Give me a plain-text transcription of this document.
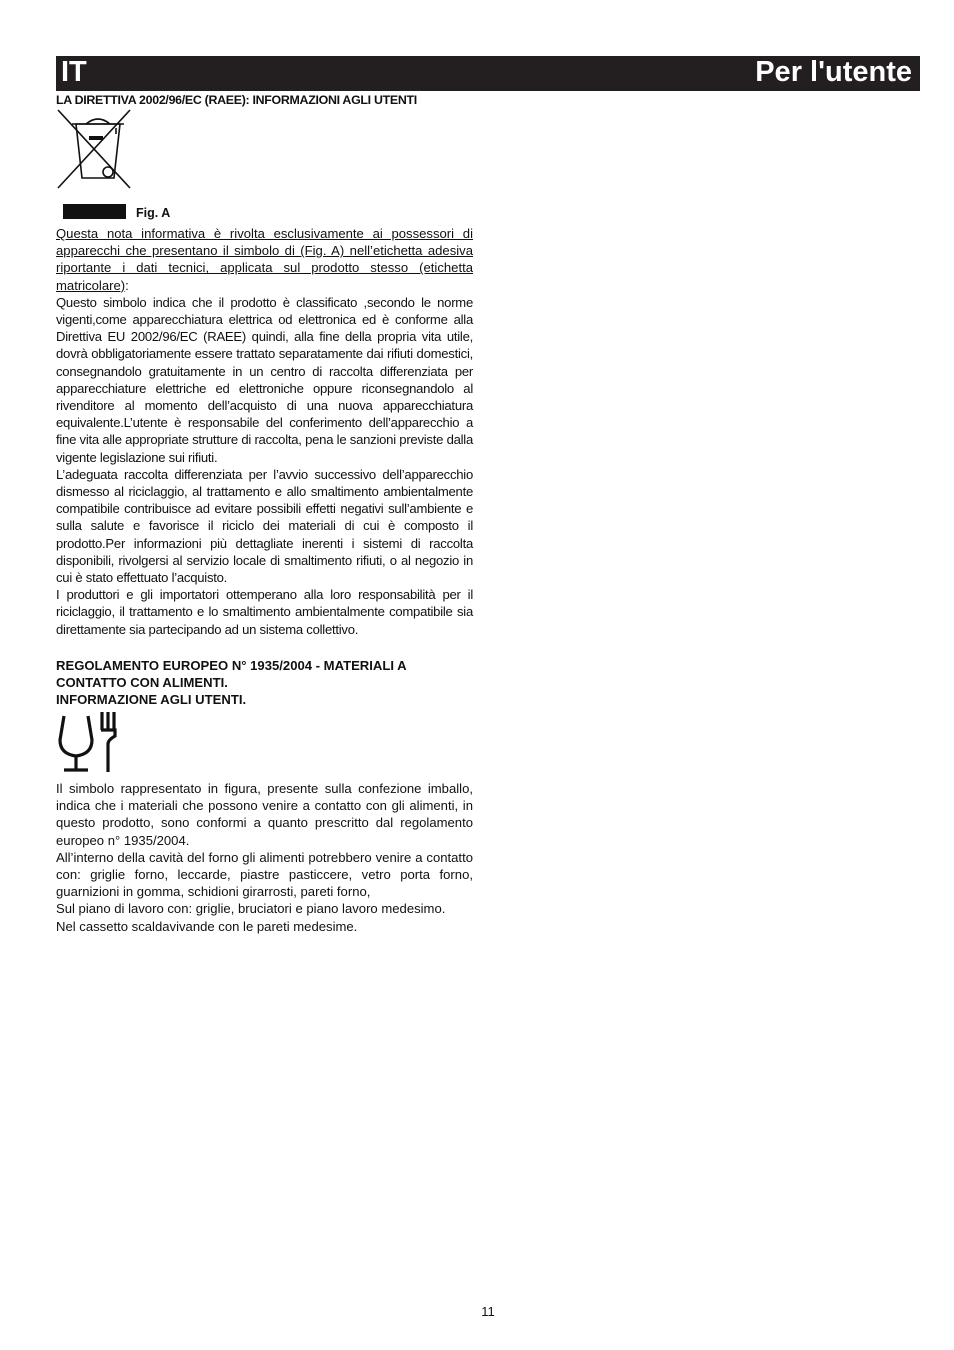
IT	Per l'utente
LA DIRETTIVA 2002/96/EC (RAEE): INFORMAZIONI AGLI UTENTI
Fig. A

Questa nota informativa è rivolta esclusivamente ai possessori di apparecchi che presentano il simbolo di (Fig. A) nell’etichetta adesiva riportante i dati tecnici, applicata sul prodotto stesso (etichetta matricolare):

Questo simbolo indica che il prodotto è classificato ,secondo le norme vigenti,come apparecchiatura elettrica od elettronica ed è conforme alla Direttiva EU 2002/96/EC (RAEE) quindi, alla fine della propria vita utile, dovrà obbligatoriamente essere trattato separatamente dai rifiuti domestici, consegnandolo gratuitamente in un centro di raccolta differenziata per apparecchiature elettriche ed elettroniche oppure riconsegnandolo al rivenditore al momento dell’acquisto di una nuova apparecchiatura equivalente.L’utente è responsabile del conferimento dell’apparecchio a fine vita alle appropriate strutture di raccolta, pena le sanzioni previste dalla vigente legislazione sui rifiuti.

L’adeguata raccolta differenziata per l’avvio successivo dell’apparecchio dismesso al riciclaggio, al trattamento e allo smaltimento ambientalmente compatibile contribuisce ad evitare possibili effetti negativi sull’ambiente e sulla salute e favorisce il riciclo dei materiali di cui è composto il prodotto.Per informazioni più dettagliate inerenti i sistemi di raccolta disponibili, rivolgersi al servizio locale di smaltimento rifiuti, o al negozio in cui è stato effettuato l’acquisto.

I produttori e gli importatori ottemperano alla loro responsabilità per il riciclaggio, il trattamento e lo smaltimento ambientalmente compatibile sia direttamente sia partecipando ad un sistema collettivo.

REGOLAMENTO EUROPEO N° 1935/2004 - MATERIALI A CONTATTO CON ALIMENTI.

INFORMAZIONE AGLI UTENTI.

Il simbolo rappresentato in figura, presente sulla confezione imballo, indica che i materiali che possono venire a contatto con gli alimenti, in questo prodotto, sono conformi a quanto prescritto dal regolamento europeo n° 1935/2004.

All’interno della cavità del forno gli alimenti potrebbero venire a contatto con: griglie forno, leccarde, piastre pasticcere, vetro porta forno, guarnizioni in gomma, schidioni girarrosti, pareti forno,

Sul piano di lavoro con: griglie, bruciatori e piano lavoro medesimo.

Nel cassetto scaldavivande con le pareti medesime.

11
